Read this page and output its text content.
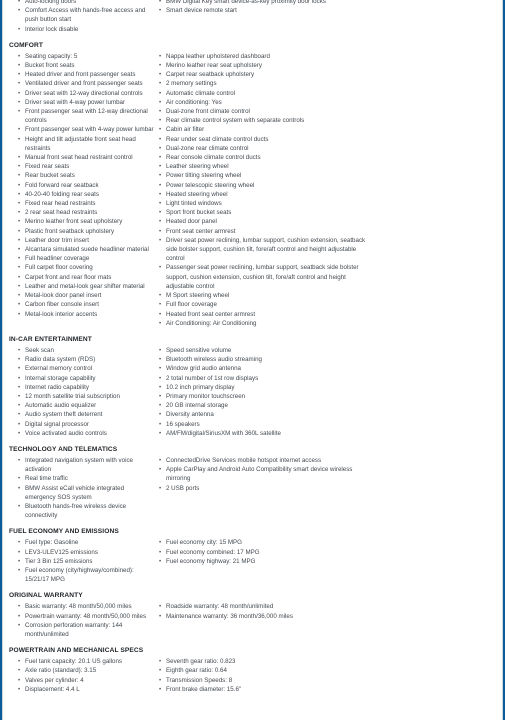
• Auto-locking doors
• Comfort Access with hands-free access and push button start
• Interior lock disable
• BMW Digital Key smart device-as-key proximity door locks
• Smart device remote start
COMFORT
• Seating capacity: 5
• Bucket front seats
• Heated driver and front passenger seats
• Ventilated driver and front passenger seats
• Driver seat with 12-way directional controls
• Driver seat with 4-way power lumbar
• Front passenger seat with 12-way directional controls
• Front passenger seat with 4-way power lumbar
• Height and tilt adjustable front seat head restraints
• Manual front seat head restraint control
• Fixed rear seats
• Rear bucket seats
• Fold forward rear seatback
• 40-20-40 folding rear seats
• Fixed rear head restraints
• 2 rear seat head restraints
• Merino leather front seat upholstery
• Plastic front seatback upholstery
• Leather door trim insert
• Alcantara simulated suede headliner material
• Full headliner coverage
• Full carpet floor covering
• Carpet front and rear floor mats
• Leather and metal-look gear shifter material
• Metal-look door panel insert
• Carbon fiber console insert
• Metal-look interior accents
• Nappa leather upholstered dashboard
• Merino leather rear seat upholstery
• Carpet rear seatback upholstery
• 2 memory settings
• Automatic climate control
• Air conditioning: Yes
• Dual-zone front climate control
• Rear climate control system with separate controls
• Cabin air filter
• Rear under seat climate control ducts
• Dual-zone rear climate control
• Rear console climate control ducts
• Leather steering wheel
• Power tilting steering wheel
• Power telescopic steering wheel
• Heated steering wheel
• Light tinted windows
• Sport front bucket seats
• Heated door panel
• Front seat center armrest
• Driver seat power reclining, lumbar support, cushion extension, seatback side bolster support, cushion tilt, fore/aft control and height adjustable control
• Passenger seat power reclining, lumbar support, seatback side bolster support, cushion extension, cushion tilt, fore/aft control and height adjustable control
• M Sport steering wheel
• Full floor coverage
• Heated front seat center armrest
• Air Conditioning: Air Conditioning
IN-CAR ENTERTAINMENT
• Seek scan
• Radio data system (RDS)
• External memory control
• Internal storage capability
• Internet radio capability
• 12 month satellite trial subscription
• Automatic audio equalizer
• Audio system theft deterrent
• Digital signal processor
• Voice activated audio controls
• Speed sensitive volume
• Bluetooth wireless audio streaming
• Window grid audio antenna
• 2 total number of 1st row displays
• 10.2 inch primary display
• Primary monitor touchscreen
• 20 GB internal storage
• Diversity antenna
• 16 speakers
• AM/FM/digital/SiriusXM with 360L satellite
TECHNOLOGY AND TELEMATICS
• Integrated navigation system with voice activation
• Real time traffic
• BMW Assist eCall vehicle integrated emergency SOS system
• Bluetooth hands-free wireless device connectivity
• ConnectedDrive Services mobile hotspot internet access
• Apple CarPlay and Android Auto Compatibility smart device wireless mirroring
• 2 USB ports
FUEL ECONOMY AND EMISSIONS
• Fuel type: Gasoline
• LEV3-ULEV125 emissions
• Tier 3 Bin 125 emissions
• Fuel economy (city/highway/combined): 15/21/17 MPG
• Fuel economy city: 15 MPG
• Fuel economy combined: 17 MPG
• Fuel economy highway: 21 MPG
ORIGINAL WARRANTY
• Basic warranty: 48 month/50,000 miles
• Powertrain warranty: 48 month/50,000 miles
• Corrosion perforation warranty: 144 month/unlimited
• Roadside warranty: 48 month/unlimited
• Maintenance warranty: 36 month/36,000 miles
POWERTRAIN AND MECHANICAL SPECS
• Fuel tank capacity: 20.1 US gallons
• Axle ratio (standard): 3.15
• Valves per cylinder: 4
• Displacement: 4.4 L
• Seventh gear ratio: 0.823
• Eighth gear ratio: 0.64
• Transmission Speeds: 8
• Front brake diameter: 15.6"
